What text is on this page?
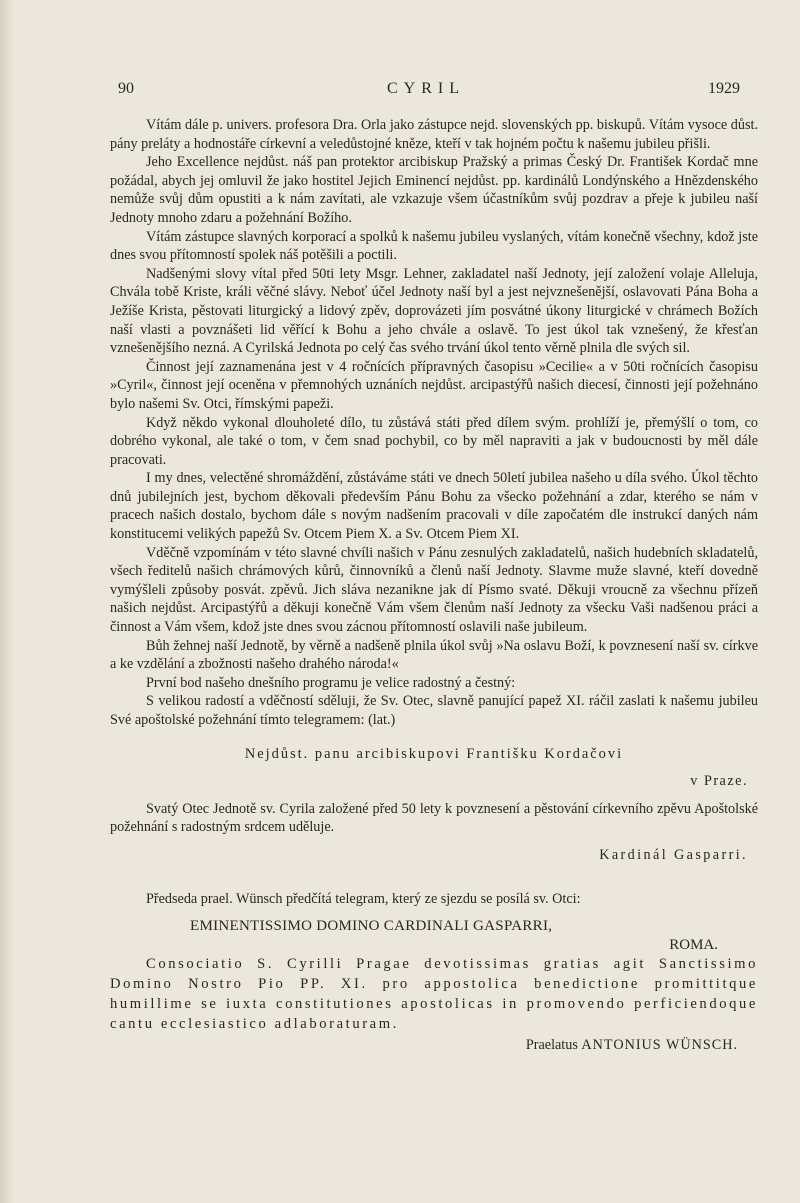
90	CYRIL	1929

Vítám dále p. univers. profesora Dra. Orla jako zástupce nejd. slovenských pp. biskupů. Vítám vysoce důst. pány preláty a hodnostáře církevní a veledůstojné kněze, kteří v tak hojném počtu k našemu jubileu přišli.

Jeho Excellence nejdůst. náš pan protektor arcibiskup Pražský a primas Český Dr. František Kordač mne požádal, abych jej omluvil že jako hostitel Jejich Eminencí nejdůst. pp. kardinálů Londýnského a Hnězdenského nemůže svůj dům opustiti a k nám zavítati, ale vzkazuje všem účastníkům svůj pozdrav a přeje k jubileu naší Jednoty mnoho zdaru a požehnání Božího.

Vítám zástupce slavných korporací a spolků k našemu jubileu vyslaných, vítám konečně všechny, kdož jste dnes svou přítomností spolek náš potěšili a poctili.

Nadšenými slovy vítal před 50ti lety Msgr. Lehner, zakladatel naší Jednoty, její založení volaje Alleluja, Chvála tobě Kriste, králi věčné slávy. Neboť účel Jednoty naší byl a jest nejvznešenější, oslavovati Pána Boha a Ježíše Krista, pěstovati liturgický a lidový zpěv, doprovázeti jím posvátné úkony liturgické v chrámech Božích naší vlasti a povznášeti lid věřící k Bohu a jeho chvále a oslavě. To jest úkol tak vznešený, že křesťan vznešenějšího nezná. A Cyrilská Jednota po celý čas svého trvání úkol tento věrně plnila dle svých sil.

Činnost její zaznamenána jest v 4 ročnících přípravných časopisu »Cecilie« a v 50ti ročnících časopisu »Cyril«, činnost její oceněna v přemnohých uznáních nejdůst. arcipastýřů našich diecesí, činnosti její požehnáno bylo našemi Sv. Otci, římskými papeži.

Když někdo vykonal dlouholeté dílo, tu zůstává státi před dílem svým. prohlíží je, přemýšlí o tom, co dobrého vykonal, ale také o tom, v čem snad pochybil, co by měl napraviti a jak v budoucnosti by měl dále pracovati.

I my dnes, velectěné shromáždění, zůstáváme státi ve dnech 50letí jubilea našeho u díla svého. Úkol těchto dnů jubilejních jest, bychom děkovali především Pánu Bohu za všecko požehnání a zdar, kterého se nám v pracech našich dostalo, bychom dále s novým nadšením pracovali v díle započatém dle instrukcí daných nám konstitucemi velikých papežů Sv. Otcem Piem X. a Sv. Otcem Piem XI.

Vděčně vzpomínám v této slavné chvíli našich v Pánu zesnulých zakladatelů, našich hudebních skladatelů, všech ředitelů našich chrámových kůrů, činnovníků a členů naší Jednoty. Slavme muže slavné, kteří dovedně vymýšleli způsoby posvát. zpěvů. Jich sláva nezanikne jak dí Písmo svaté. Děkuji vroucně za všechnu přízeň našich nejdůst. Arcipastýřů a děkuji konečně Vám všem členům naší Jednoty za všecku Vaši nadšenou práci a činnost a Vám všem, kdož jste dnes svou zácnou přítomností oslavili naše jubileum.

Bůh žehnej naší Jednotě, by věrně a nadšeně plnila úkol svůj »Na oslavu Boží, k povznesení naší sv. církve a ke vzdělání a zbožnosti našeho drahého národa!«

První bod našeho dnešního programu je velice radostný a čestný:

S velikou radostí a vděčností sděluji, že Sv. Otec, slavně panující papež XI. ráčil zaslati k našemu jubileu Své apoštolské požehnání tímto telegramem: (lat.)

Nejdůst. panu arcibiskupovi Františku Kordačovi
v Praze.

Svatý Otec Jednotě sv. Cyrila založené před 50 lety k povznesení a pěstování církevního zpěvu Apoštolské požehnání s radostným srdcem uděluje.

Kardinál Gasparri.

Předseda prael. Wünsch předčítá telegram, který ze sjezdu se posílá sv. Otci:

EMINENTISSIMO DOMINO CARDINALI GASPARRI,
ROMA.

Consociatio S. Cyrilli Pragae devotissimas gratias agit Sanctissimo Domino Nostro Pio PP. XI. pro appostolica benedictione promittitque humillime se iuxta constitutiones apostolicas in promovendo perficiendoque cantu ecclesiastico adlaboraturam.

Praelatus ANTONIUS WÜNSCH.
